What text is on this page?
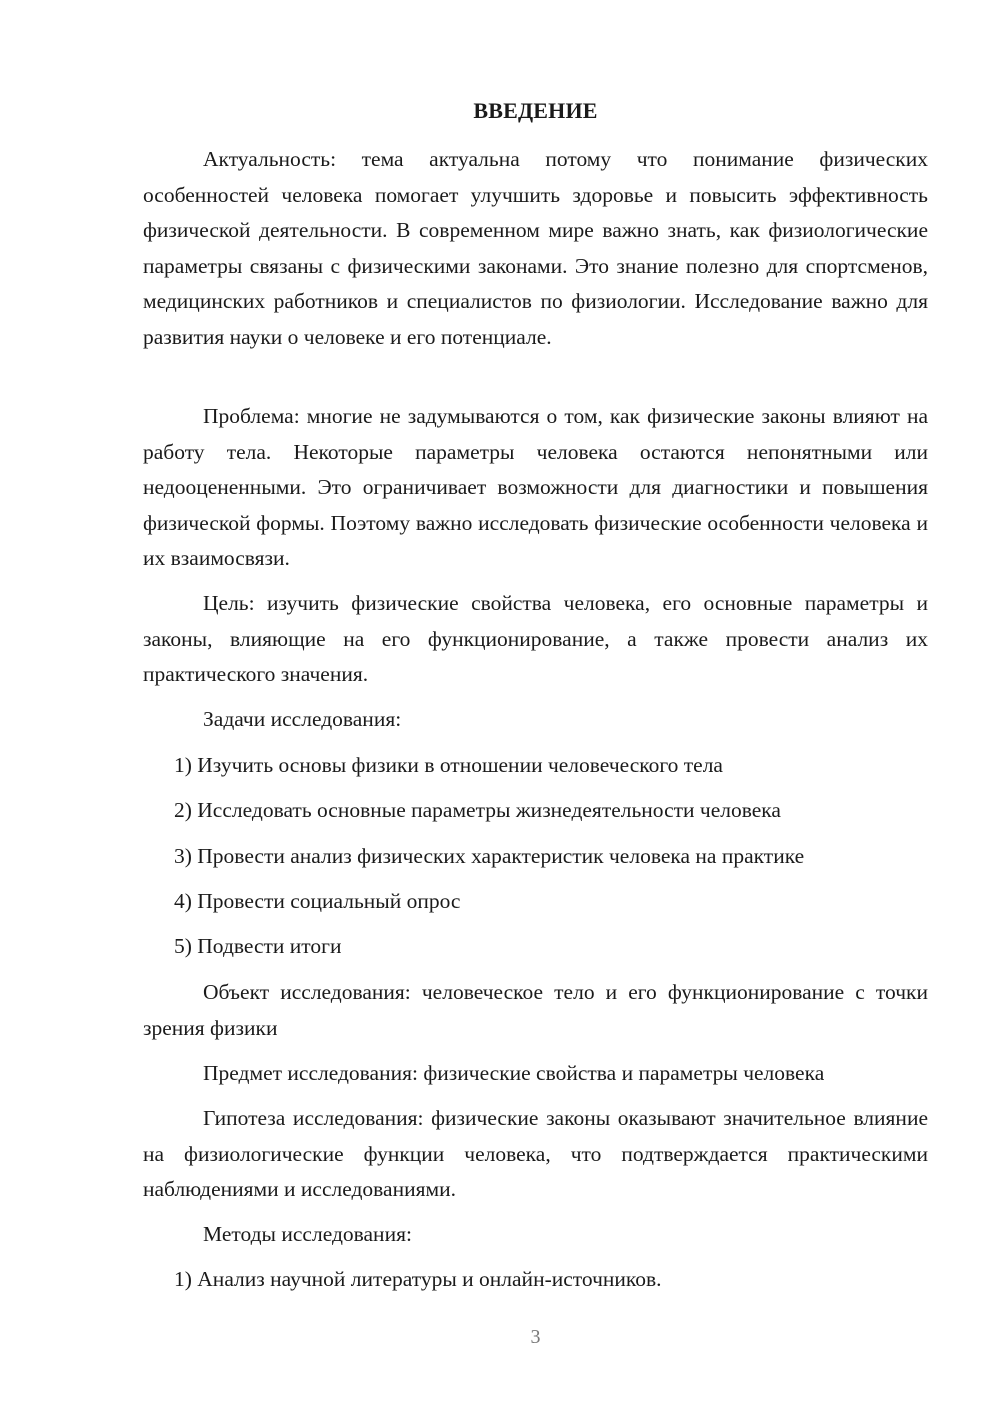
ВВЕДЕНИЕ

Актуальность: тема актуальна потому что понимание физических особенностей человека помогает улучшить здоровье и повысить эффективность физической деятельности. В современном мире важно знать, как физиологические параметры связаны с физическими законами. Это знание полезно для спортсменов, медицинских работников и специалистов по физиологии. Исследование важно для развития науки о человеке и его потенциале.

Проблема: многие не задумываются о том, как физические законы влияют на работу тела. Некоторые параметры человека остаются непонятными или недооцененными. Это ограничивает возможности для диагностики и повышения физической формы. Поэтому важно исследовать физические особенности человека и их взаимосвязи.

Цель: изучить физические свойства человека, его основные параметры и законы, влияющие на его функционирование, а также провести анализ их практического значения.

Задачи исследования:
1) Изучить основы физики в отношении человеческого тела
2) Исследовать основные параметры жизнедеятельности человека
3) Провести анализ физических характеристик человека на практике
4) Провести социальный опрос
5) Подвести итоги

Объект исследования: человеческое тело и его функционирование с точки зрения физики

Предмет исследования: физические свойства и параметры человека

Гипотеза исследования: физические законы оказывают значительное влияние на физиологические функции человека, что подтверждается практическими наблюдениями и исследованиями.

Методы исследования:
1) Анализ научной литературы и онлайн-источников.
3
